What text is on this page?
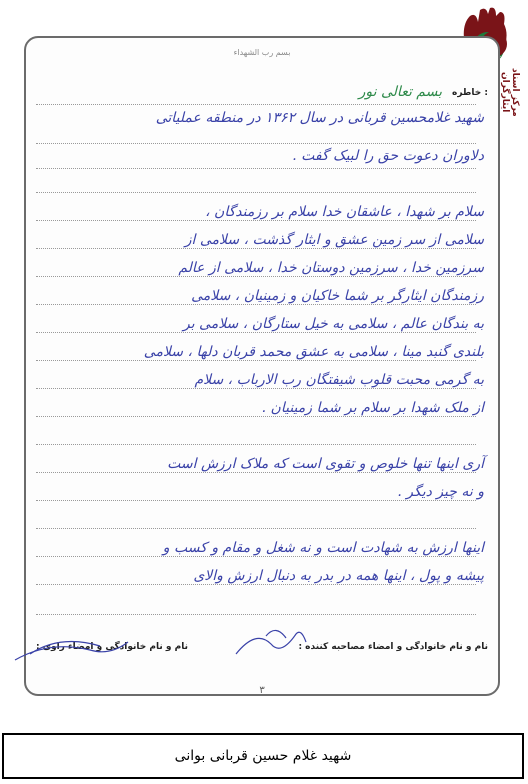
مرکز اسناد ایثارگران
بسم رب الشهداء
: خاطره
بسم تعالی نور
شهید غلامحسین قربانی در سال ۱۳۶۲ در منطقه عملیاتی
دلاوران دعوت حق را لبیک گفت .
سلام بر شهدا ، عاشقان خدا سلام بر رزمندگان ،
سلامی از سر زمین عشق و ایثار گذشت ، سلامی از
سرزمین خدا ، سرزمین دوستان خدا ، سلامی از عالم
رزمندگان ایثارگر بر شما خاکیان و زمینیان ، سلامی
به بندگان عالم ، سلامی به خیل ستارگان ، سلامی بر
بلندی گنبد مینا ، سلامی به عشق محمد قربان دلها ، سلامی
به گرمی محبت قلوب شیفتگان رب الارباب ، سلام
از ملک شهدا بر سلام بر شما زمینیان .
آری اینها تنها خلوص و تقوی است که ملاک ارزش است
و نه چیز دیگر .
اینها ارزش به شهادت است و نه شغل و مقام و کسب و
پیشه و پول ، اینها همه در بدر به دنبال ارزش والای
نام و نام خانوادگی و امضاء مصاحبه کننده :
نام و نام خانوادگی و امضاء راوی :
۳
شهید غلام حسین قربانی بوانی
